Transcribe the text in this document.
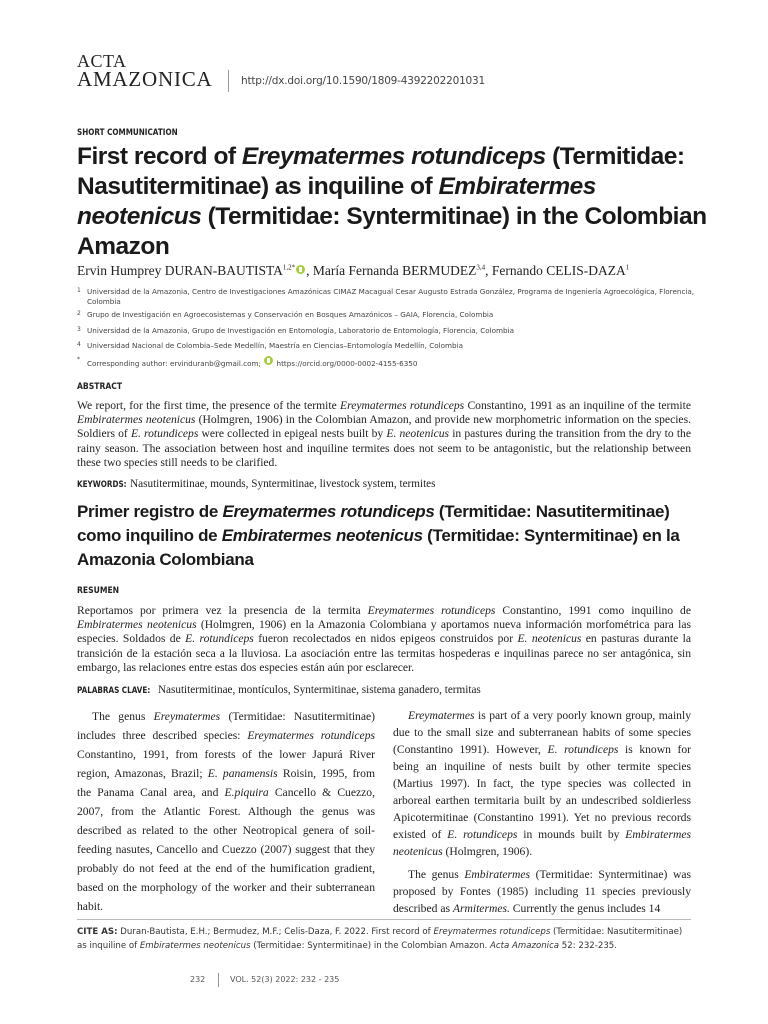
ACTA
AMAZONICA	http://dx.doi.org/10.1590/1809-4392202201031
SHORT COMMUNICATION
First record of Ereymatermes rotundiceps (Termitidae: Nasutitermitinae) as inquiline of Embiratermes neotenicus (Termitidae: Syntermitinae) in the Colombian Amazon
Ervin Humprey DURAN-$BAUTISTA^{1,2*}$ , María Fernanda BERMUDEZ$^{3,4}$, Fernando CELIS-DAZA$^1$
1 Universidad de la Amazonia, Centro de Investigaciones Amazónicas CIMAZ Macagual Cesar Augusto Estrada González, Programa de Ingeniería Agroecológica, Florencia, Colombia
2 Grupo de Investigación en Agroecosistemas y Conservación en Bosques Amazónicos – GAIA, Florencia, Colombia
3 Universidad de la Amazonia, Grupo de Investigación en Entomología, Laboratorio de Entomología, Florencia, Colombia
4 Universidad Nacional de Colombia–Sede Medellín, Maestría en Ciencias–Entomología Medellín, Colombia
* Corresponding author: ervinduranb@gmail.com; https://orcid.org/0000-0002-4155-6350
ABSTRACT
We report, for the first time, the presence of the termite Ereymatermes rotundiceps Constantino, 1991 as an inquiline of the termite Embiratermes neotenicus (Holmgren, 1906) in the Colombian Amazon, and provide new morphometric information on the species. Soldiers of E. rotundiceps were collected in epigeal nests built by E. neotenicus in pastures during the transition from the dry to the rainy season. The association between host and inquiline termites does not seem to be antagonistic, but the relationship between these two species still needs to be clarified.
KEYWORDS: Nasutitermitinae, mounds, Syntermitinae, livestock system, termites
Primer registro de Ereymatermes rotundiceps (Termitidae: Nasutitermitinae) como inquilino de Embiratermes neotenicus (Termitidae: Syntermitinae) en la Amazonia Colombiana
RESUMEN
Reportamos por primera vez la presencia de la termita Ereymatermes rotundiceps Constantino, 1991 como inquilino de Embiratermes neotenicus (Holmgren, 1906) en la Amazonia Colombiana y aportamos nueva información morfométrica para las especies. Soldados de E. rotundiceps fueron recolectados en nidos epigeos construidos por E. neotenicus en pasturas durante la transición de la estación seca a la lluviosa. La asociación entre las termitas hospederas e inquilinas parece no ser antagónica, sin embargo, las relaciones entre estas dos especies están aún por esclarecer.
PALABRAS CLAVE: Nasutitermitinae, montículos, Syntermitinae, sistema ganadero, termitas

The genus Ereymatermes (Termitidae: Nasutitermitinae) includes three described species: Ereymatermes rotundiceps Constantino, 1991, from forests of the lower Japurá River region, Amazonas, Brazil; E. panamensis Roisin, 1995, from the Panama Canal area, and E.piquira Cancello & Cuezzo, 2007, from the Atlantic Forest. Although the genus was described as related to the other Neotropical genera of soil-feeding nasutes, Cancello and Cuezzo (2007) suggest that they probably do not feed at the end of the humification gradient, based on the morphology of the worker and their subterranean habit.

Ereymatermes is part of a very poorly known group, mainly due to the small size and subterranean habits of some species (Constantino 1991). However, E. rotundiceps is known for being an inquiline of nests built by other termite species (Martius 1997). In fact, the type species was collected in arboreal earthen termitaria built by an undescribed soldierless Apicotermitinae (Constantino 1991). Yet no previous records existed of E. rotundiceps in mounds built by Embiratermes neotenicus (Holmgren, 1906).

The genus Embiratermes (Termitidae: Syntermitinae) was proposed by Fontes (1985) including 11 species previously described as Armitermes. Currently the genus includes 14

CITE AS: Duran-Bautista, E.H.; Bermudez, M.F.; Celis-Daza, F. 2022. First record of Ereymatermes rotundiceps (Termitidae: Nasutitermitinae) as inquiline of Embiratermes neotenicus (Termitidae: Syntermitinae) in the Colombian Amazon. Acta Amazonica 52: 232-235.
232	VOL. 52(3) 2022: 232 - 235
